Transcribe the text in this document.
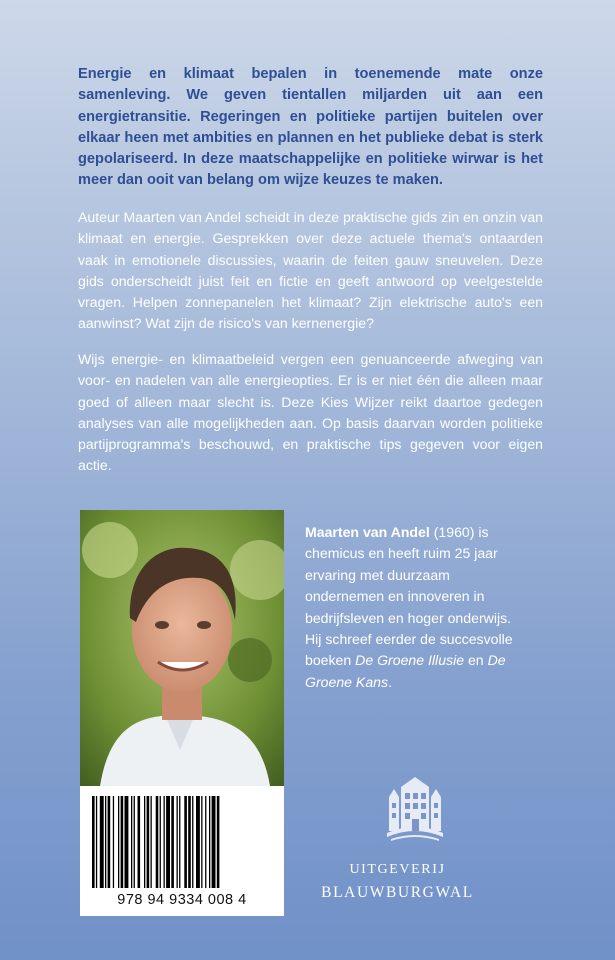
Energie en klimaat bepalen in toenemende mate onze samenleving. We geven tientallen miljarden uit aan een energietransitie. Regeringen en politieke partijen buitelen over elkaar heen met ambities en plannen en het publieke debat is sterk gepolariseerd. In deze maatschappelijke en politieke wirwar is het meer dan ooit van belang om wijze keuzes te maken.

Auteur Maarten van Andel scheidt in deze praktische gids zin en onzin van klimaat en energie. Gesprekken over deze actuele thema's ontaarden vaak in emotionele discussies, waarin de feiten gauw sneuvelen. Deze gids onderscheidt juist feit en fictie en geeft antwoord op veelgestelde vragen. Helpen zonnepanelen het klimaat? Zijn elektrische auto's een aanwinst? Wat zijn de risico's van kernenergie?

Wijs energie- en klimaatbeleid vergen een genuanceerde afweging van voor- en nadelen van alle energieopties. Er is er niet één die alleen maar goed of alleen maar slecht is. Deze Kies Wijzer reikt daartoe gedegen analyses van alle mogelijkheden aan. Op basis daarvan worden politieke partijprogramma's beschouwd, en praktische tips gegeven voor eigen actie.

978 94 9334 008 4

Maarten van Andel (1960) is chemicus en heeft ruim 25 jaar ervaring met duurzaam ondernemen en innoveren in bedrijfsleven en hoger onderwijs. Hij schreef eerder de succesvolle boeken De Groene Illusie en De Groene Kans.

UITGEVERIJ
BLAUWBURGWAL
